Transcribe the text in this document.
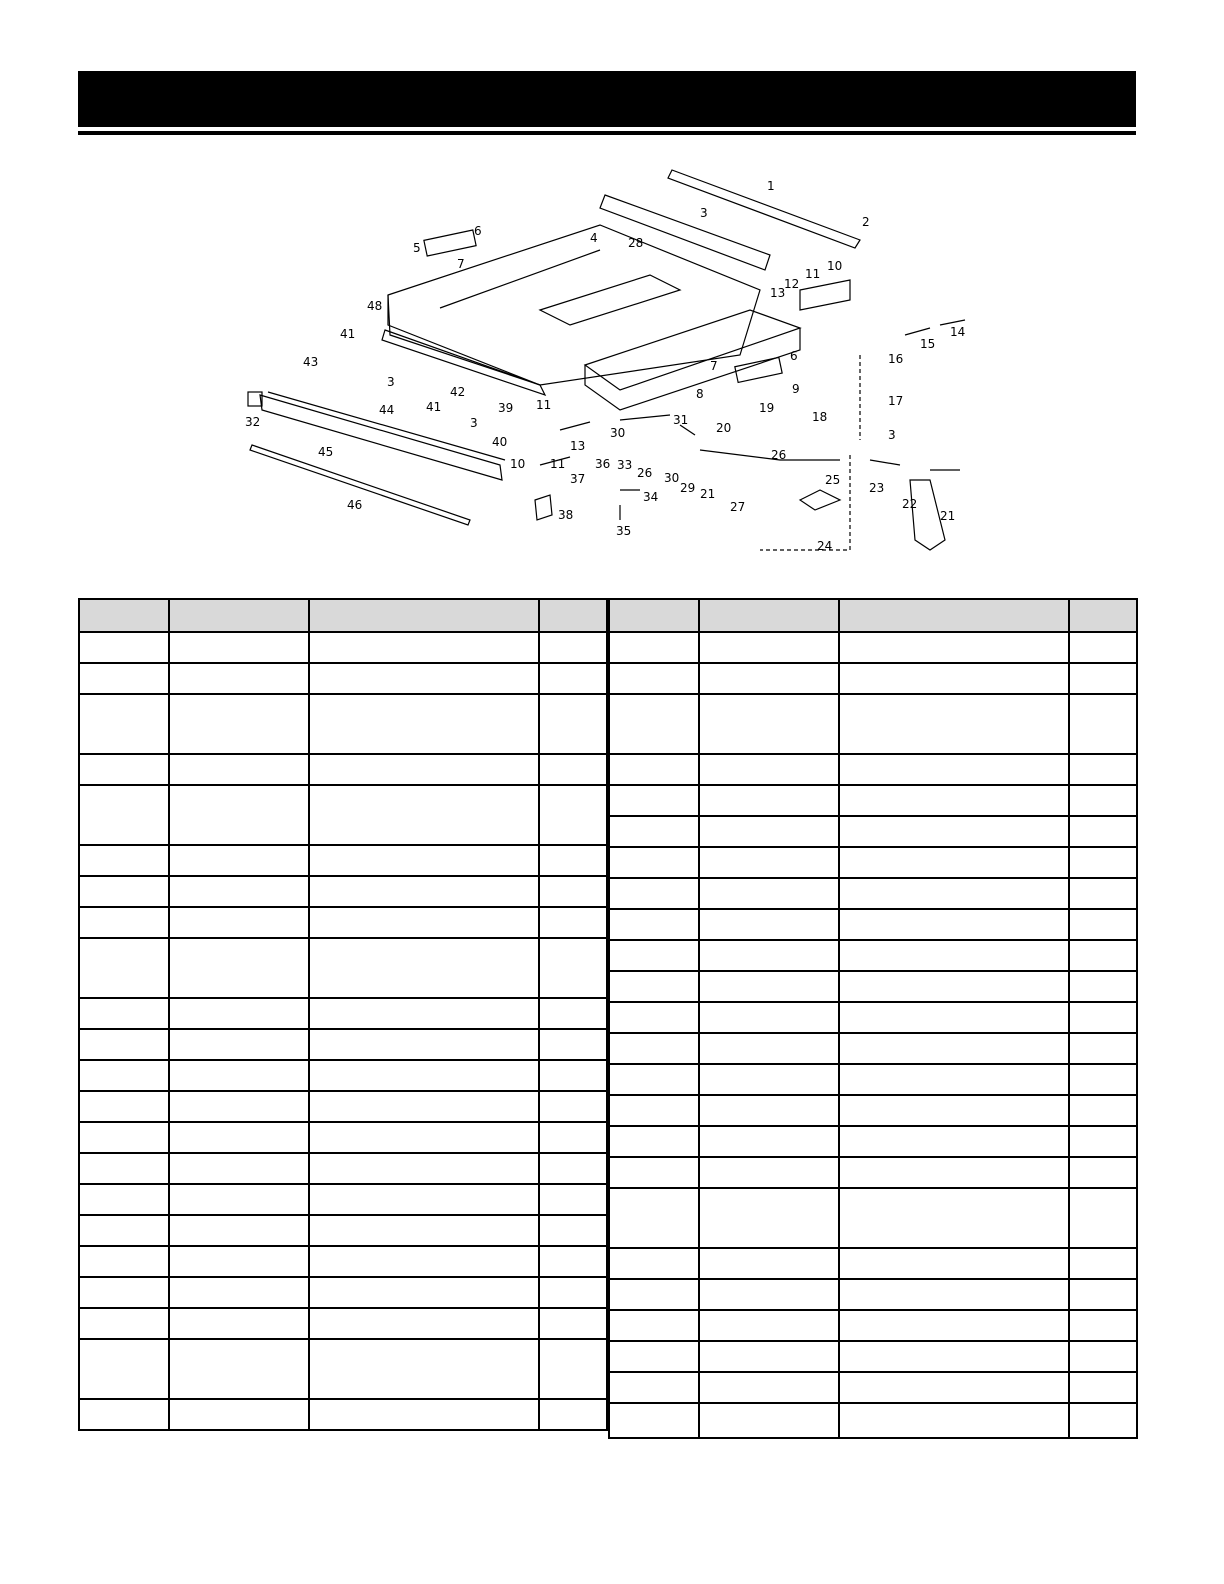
1
2
3
28
4
5
6
7	10
11
12
13
14
15
16
17
3
48
41
43
3
42
41	39
3
40
6
7
9
8
19
18
20
26
30
31
11
13
10 11
37
36 33
26 30
29 21
27
25
23
22
21
24
34
35
32
44
45
46
38
